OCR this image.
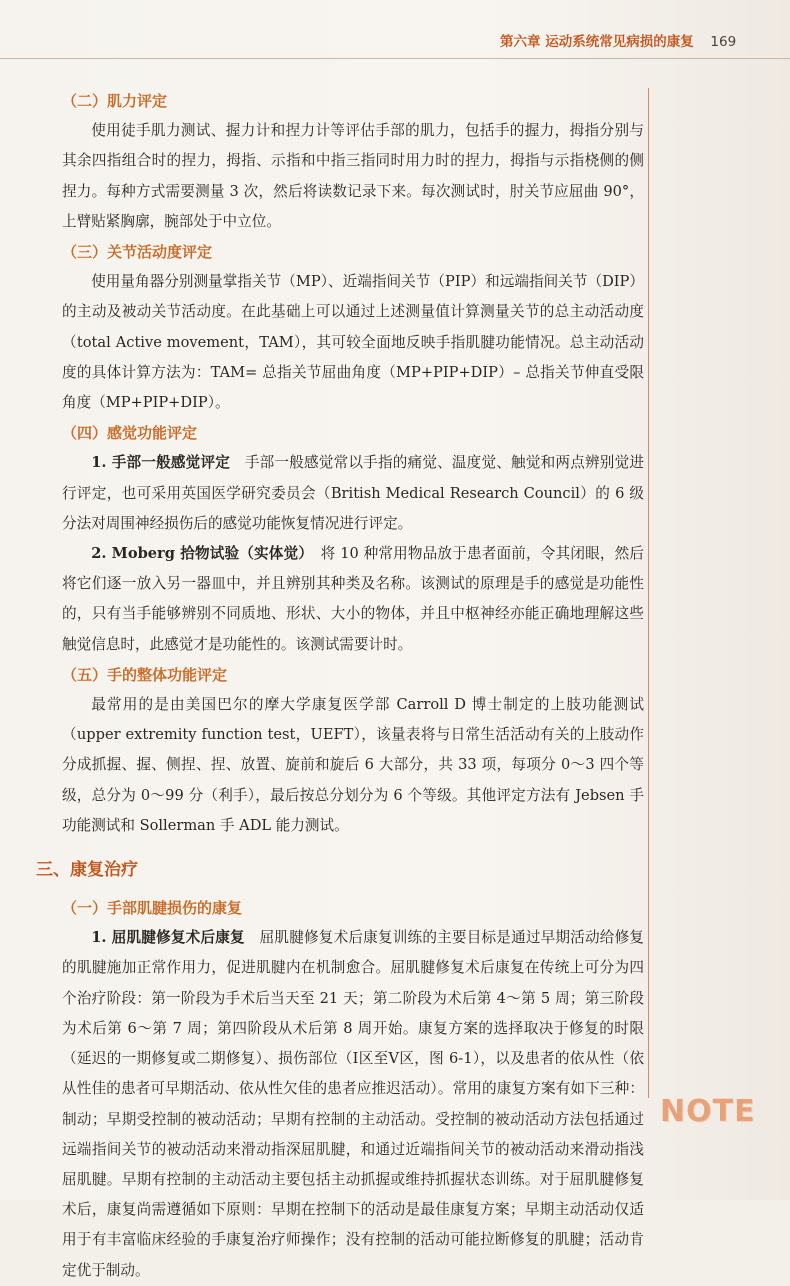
第六章 运动系统常见病损的康复 169
（二）肌力评定

使用徒手肌力测试、握力计和捏力计等评估手部的肌力，包括手的握力，拇指分别与其余四指组合时的捏力，拇指、示指和中指三指同时用力时的捏力，拇指与示指桡侧的侧捏力。每种方式需要测量 3 次，然后将读数记录下来。每次测试时，肘关节应屈曲 90°，上臂贴紧胸廓，腕部处于中立位。

（三）关节活动度评定

使用量角器分别测量掌指关节（MP）、近端指间关节（PIP）和远端指间关节（DIP）的主动及被动关节活动度。在此基础上可以通过上述测量值计算测量关节的总主动活动度（total Active movement，TAM），其可较全面地反映手指肌腱功能情况。总主动活动度的具体计算方法为：TAM= 总指关节屈曲角度（MP+PIP+DIP）– 总指关节伸直受限角度（MP+PIP+DIP）。

（四）感觉功能评定

1. 手部一般感觉评定　 手部一般感觉常以手指的痛觉、温度觉、触觉和两点辨别觉进行评定，也可采用英国医学研究委员会（British Medical Research Council）的 6 级分法对周围神经损伤后的感觉功能恢复情况进行评定。

2. Moberg 拾物试验（实体觉）　 将 10 种常用物品放于患者面前，令其闭眼，然后将它们逐一放入另一器皿中，并且辨别其种类及名称。该测试的原理是手的感觉是功能性的，只有当手能够辨别不同质地、形状、大小的物体，并且中枢神经亦能正确地理解这些触觉信息时，此感觉才是功能性的。该测试需要计时。

（五）手的整体功能评定

最常用的是由美国巴尔的摩大学康复医学部 Carroll D 博士制定的上肢功能测试（upper extremity function test，UEFT），该量表将与日常生活活动有关的上肢动作分成抓握、握、侧捏、捏、放置、旋前和旋后 6 大部分，共 33 项，每项分 0～3 四个等级，总分为 0～99 分（利手），最后按总分划分为 6 个等级。其他评定方法有 Jebsen 手功能测试和 Sollerman 手 ADL 能力测试。

三、康复治疗
（一）手部肌腱损伤的康复

1. 屈肌腱修复术后康复　 屈肌腱修复术后康复训练的主要目标是通过早期活动给修复的肌腱施加正常作用力，促进肌腱内在机制愈合。屈肌腱修复术后康复在传统上可分为四个治疗阶段：第一阶段为手术后当天至 21 天；第二阶段为术后第 4～第 5 周；第三阶段为术后第 6～第 7 周；第四阶段从术后第 8 周开始。康复方案的选择取决于修复的时限（延迟的一期修复或二期修复）、损伤部位（Ⅰ区至Ⅴ区，图 6-1），以及患者的依从性（依从性佳的患者可早期活动、依从性欠佳的患者应推迟活动）。常用的康复方案有如下三种：制动；早期受控制的被动活动；早期有控制的主动活动。受控制的被动活动方法包括通过远端指间关节的被动活动来滑动指深屈肌腱，和通过近端指间关节的被动活动来滑动指浅屈肌腱。早期有控制的主动活动主要包括主动抓握或维持抓握状态训练。对于屈肌腱修复术后，康复尚需遵循如下原则：早期在控制下的活动是最佳康复方案；早期主动活动仅适用于有丰富临床经验的手康复治疗师操作；没有控制的活动可能拉断修复的肌腱；活动肯定优于制动。

NOTE
